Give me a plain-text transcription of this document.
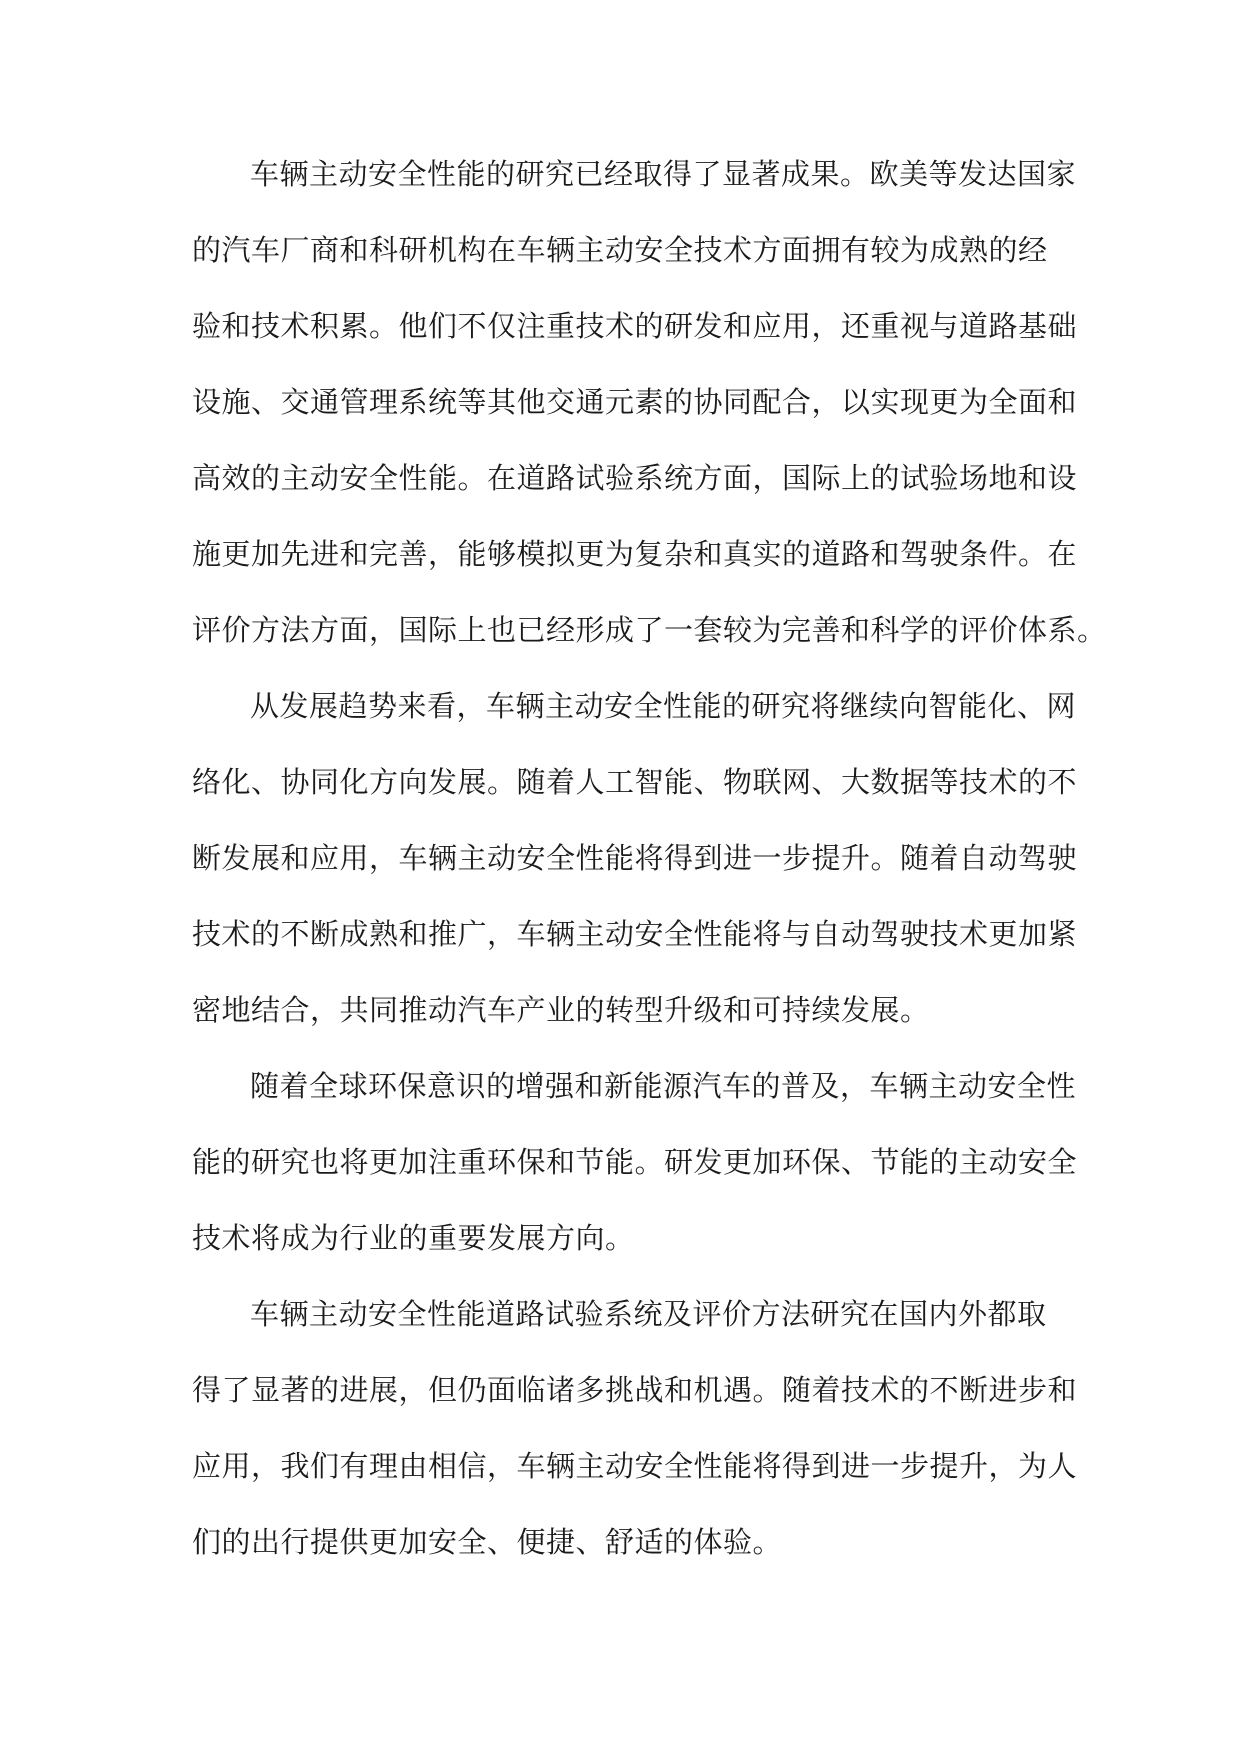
车辆主动安全性能的研究已经取得了显著成果。欧美等发达国家
的汽车厂商和科研机构在车辆主动安全技术方面拥有较为成熟的经
验和技术积累。他们不仅注重技术的研发和应用，还重视与道路基础
设施、交通管理系统等其他交通元素的协同配合，以实现更为全面和
高效的主动安全性能。在道路试验系统方面，国际上的试验场地和设
施更加先进和完善，能够模拟更为复杂和真实的道路和驾驶条件。在
评价方法方面，国际上也已经形成了一套较为完善和科学的评价体系。
从发展趋势来看，车辆主动安全性能的研究将继续向智能化、网
络化、协同化方向发展。随着人工智能、物联网、大数据等技术的不
断发展和应用，车辆主动安全性能将得到进一步提升。随着自动驾驶
技术的不断成熟和推广，车辆主动安全性能将与自动驾驶技术更加紧
密地结合，共同推动汽车产业的转型升级和可持续发展。
随着全球环保意识的增强和新能源汽车的普及，车辆主动安全性
能的研究也将更加注重环保和节能。研发更加环保、节能的主动安全
技术将成为行业的重要发展方向。
车辆主动安全性能道路试验系统及评价方法研究在国内外都取
得了显著的进展，但仍面临诸多挑战和机遇。随着技术的不断进步和
应用，我们有理由相信，车辆主动安全性能将得到进一步提升，为人
们的出行提供更加安全、便捷、舒适的体验。
